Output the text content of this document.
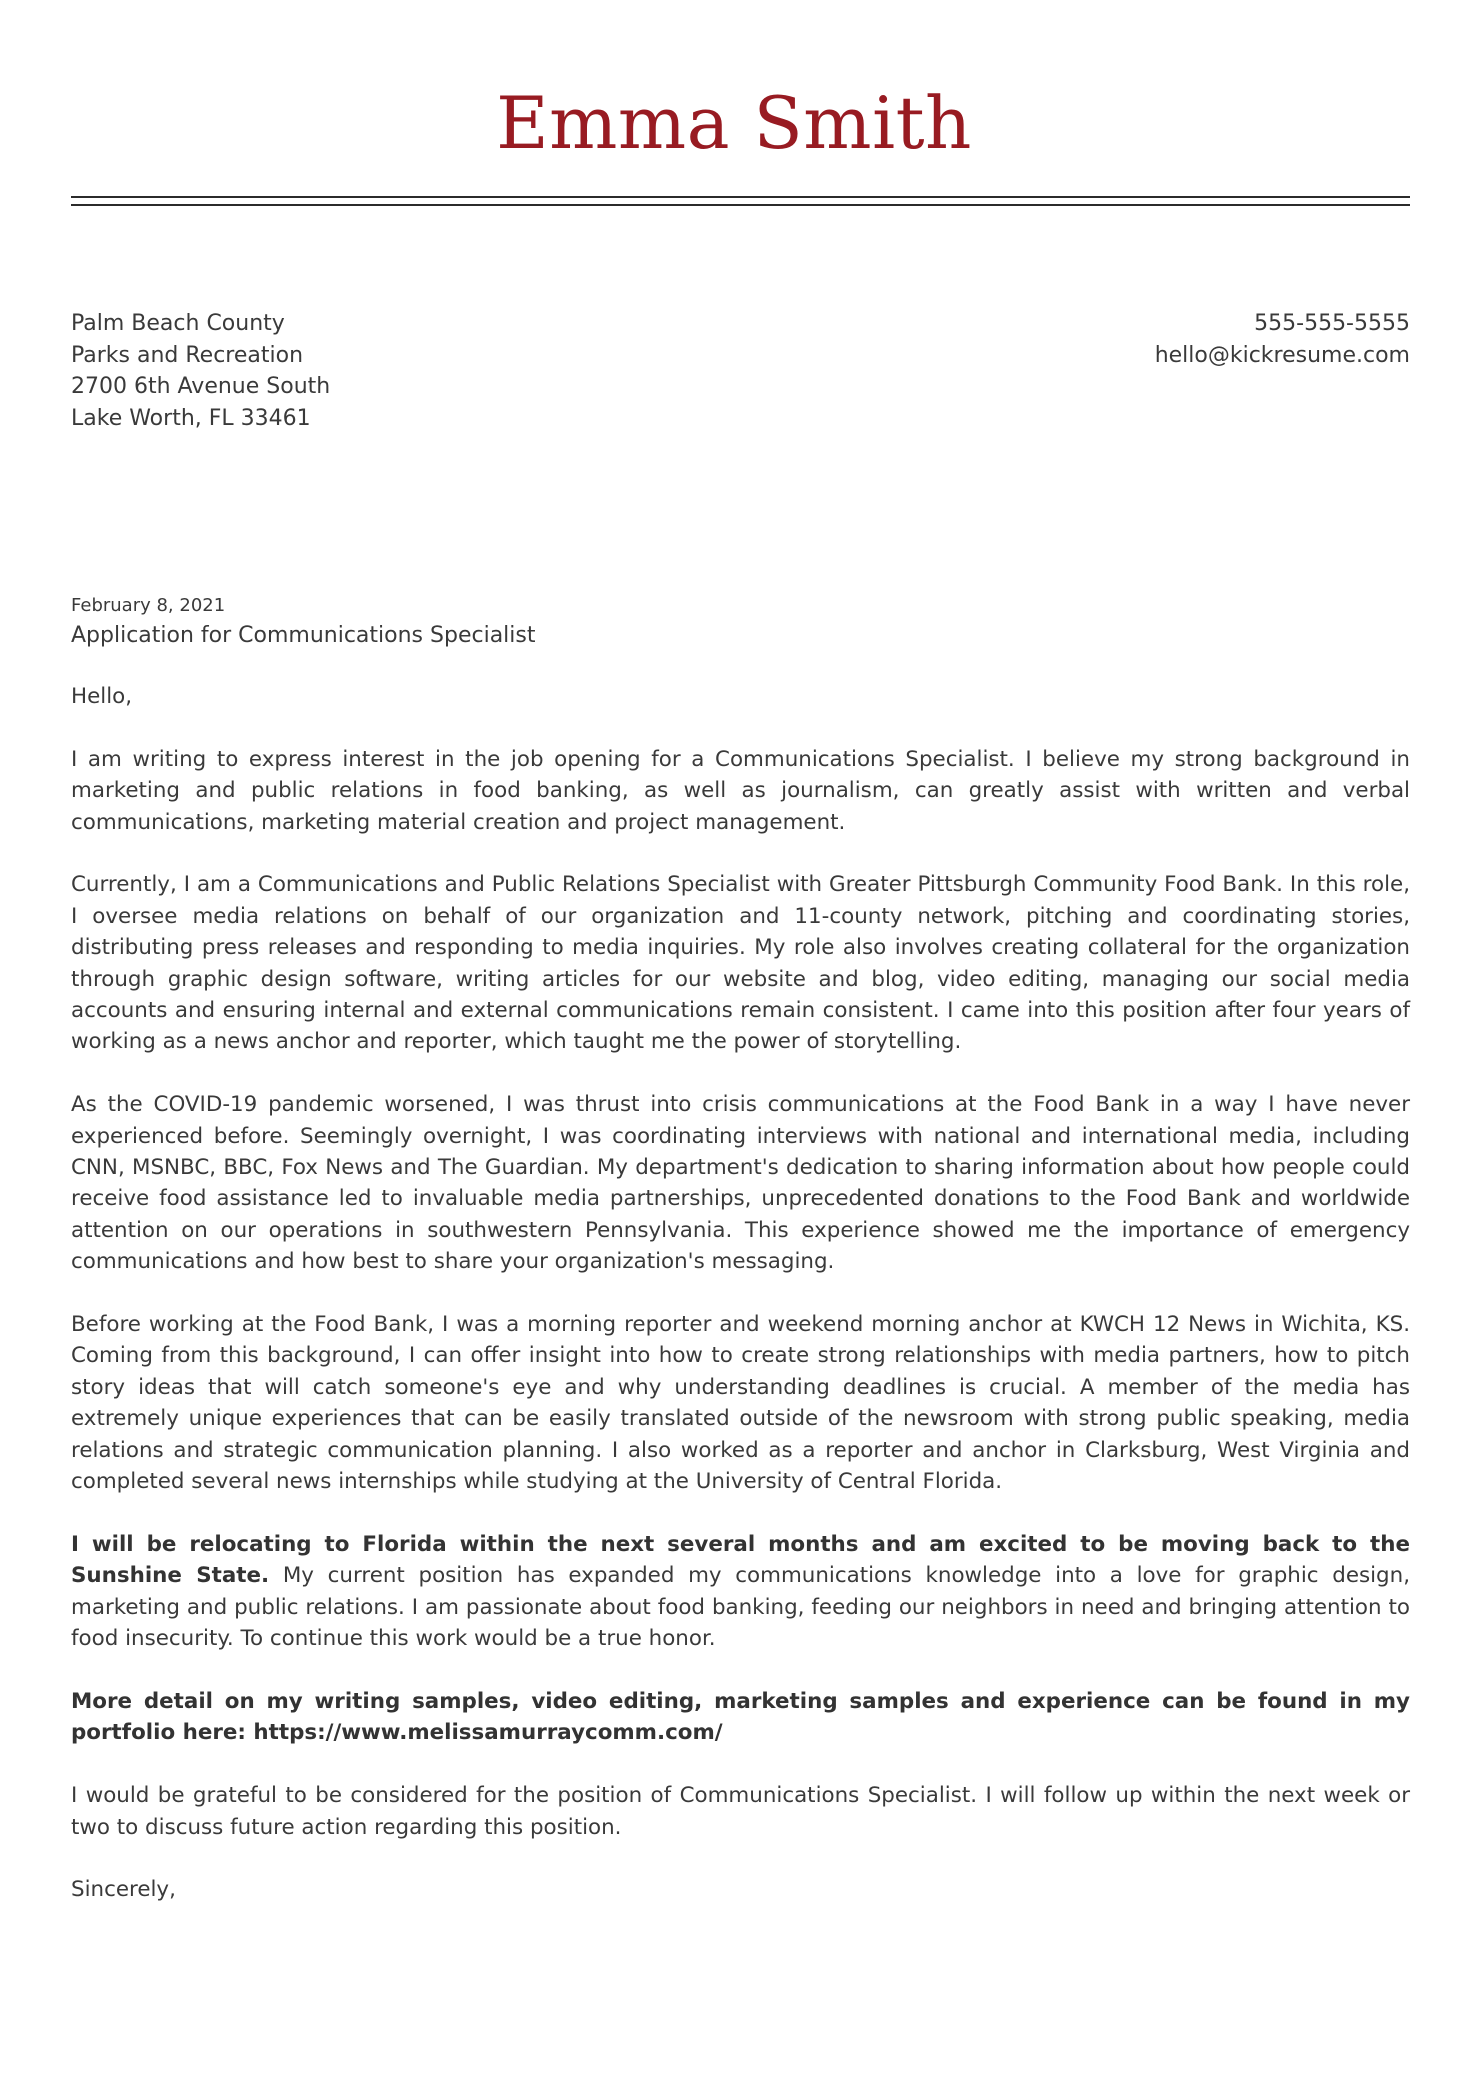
Emma Smith
Palm Beach County
Parks and Recreation
2700 6th Avenue South
Lake Worth, FL 33461
555-555-5555
hello@kickresume.com
February 8, 2021
Application for Communications Specialist

Hello,

I am writing to express interest in the job opening for a Communications Specialist. I believe my strong background in marketing and public relations in food banking, as well as journalism, can greatly assist with written and verbal communications, marketing material creation and project management.

Currently, I am a Communications and Public Relations Specialist with Greater Pittsburgh Community Food Bank. In this role, I oversee media relations on behalf of our organization and 11-county network, pitching and coordinating stories, distributing press releases and responding to media inquiries. My role also involves creating collateral for the organization through graphic design software, writing articles for our website and blog, video editing, managing our social media accounts and ensuring internal and external communications remain consistent. I came into this position after four years of working as a news anchor and reporter, which taught me the power of storytelling.

As the COVID-19 pandemic worsened, I was thrust into crisis communications at the Food Bank in a way I have never experienced before. Seemingly overnight, I was coordinating interviews with national and international media, including CNN, MSNBC, BBC, Fox News and The Guardian. My department's dedication to sharing information about how people could receive food assistance led to invaluable media partnerships, unprecedented donations to the Food Bank and worldwide attention on our operations in southwestern Pennsylvania. This experience showed me the importance of emergency communications and how best to share your organization's messaging.

Before working at the Food Bank, I was a morning reporter and weekend morning anchor at KWCH 12 News in Wichita, KS. Coming from this background, I can offer insight into how to create strong relationships with media partners, how to pitch story ideas that will catch someone's eye and why understanding deadlines is crucial. A member of the media has extremely unique experiences that can be easily translated outside of the newsroom with strong public speaking, media relations and strategic communication planning. I also worked as a reporter and anchor in Clarksburg, West Virginia and completed several news internships while studying at the University of Central Florida.

I will be relocating to Florida within the next several months and am excited to be moving back to the Sunshine State. My current position has expanded my communications knowledge into a love for graphic design, marketing and public relations. I am passionate about food banking, feeding our neighbors in need and bringing attention to food insecurity. To continue this work would be a true honor.

More detail on my writing samples, video editing, marketing samples and experience can be found in my portfolio here: https://www.melissamurraycomm.com/

I would be grateful to be considered for the position of Communications Specialist. I will follow up within the next week or two to discuss future action regarding this position.

Sincerely,
